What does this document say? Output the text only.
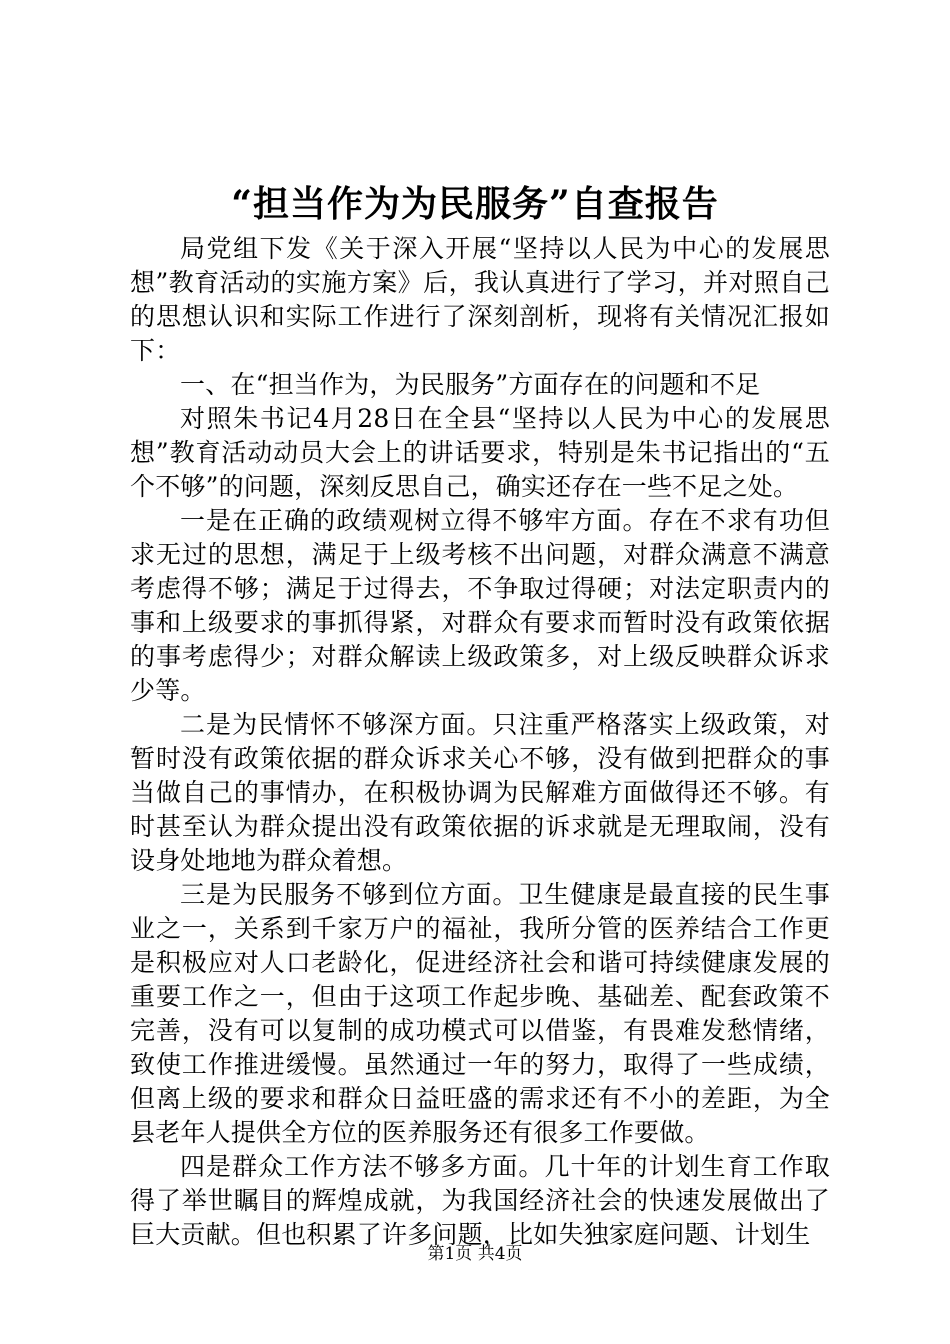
“担当作为为民服务”自查报告

局党组下发《关于深入开展“坚持以人民为中心的发展思想”教育活动的实施方案》后，我认真进行了学习，并对照自己的思想认识和实际工作进行了深刻剖析，现将有关情况汇报如下：

一、在“担当作为，为民服务”方面存在的问题和不足

对照朱书记4月28日在全县“坚持以人民为中心的发展思想”教育活动动员大会上的讲话要求，特别是朱书记指出的“五个不够”的问题，深刻反思自己，确实还存在一些不足之处。

一是在正确的政绩观树立得不够牢方面。存在不求有功但求无过的思想，满足于上级考核不出问题，对群众满意不满意考虑得不够；满足于过得去，不争取过得硬；对法定职责内的事和上级要求的事抓得紧，对群众有要求而暂时没有政策依据的事考虑得少；对群众解读上级政策多，对上级反映群众诉求少等。

二是为民情怀不够深方面。只注重严格落实上级政策，对暂时没有政策依据的群众诉求关心不够，没有做到把群众的事当做自己的事情办，在积极协调为民解难方面做得还不够。有时甚至认为群众提出没有政策依据的诉求就是无理取闹，没有设身处地地为群众着想。

三是为民服务不够到位方面。卫生健康是最直接的民生事业之一，关系到千家万户的福祉，我所分管的医养结合工作更是积极应对人口老龄化，促进经济社会和谐可持续健康发展的重要工作之一，但由于这项工作起步晚、基础差、配套政策不完善，没有可以复制的成功模式可以借鉴，有畏难发愁情绪，致使工作推进缓慢。虽然通过一年的努力，取得了一些成绩，但离上级的要求和群众日益旺盛的需求还有不小的差距，为全县老年人提供全方位的医养服务还有很多工作要做。

四是群众工作方法不够多方面。几十年的计划生育工作取得了举世瞩目的辉煌成就，为我国经济社会的快速发展做出了巨大贡献。但也积累了许多问题，比如失独家庭问题、计划生

第1页 共4页
